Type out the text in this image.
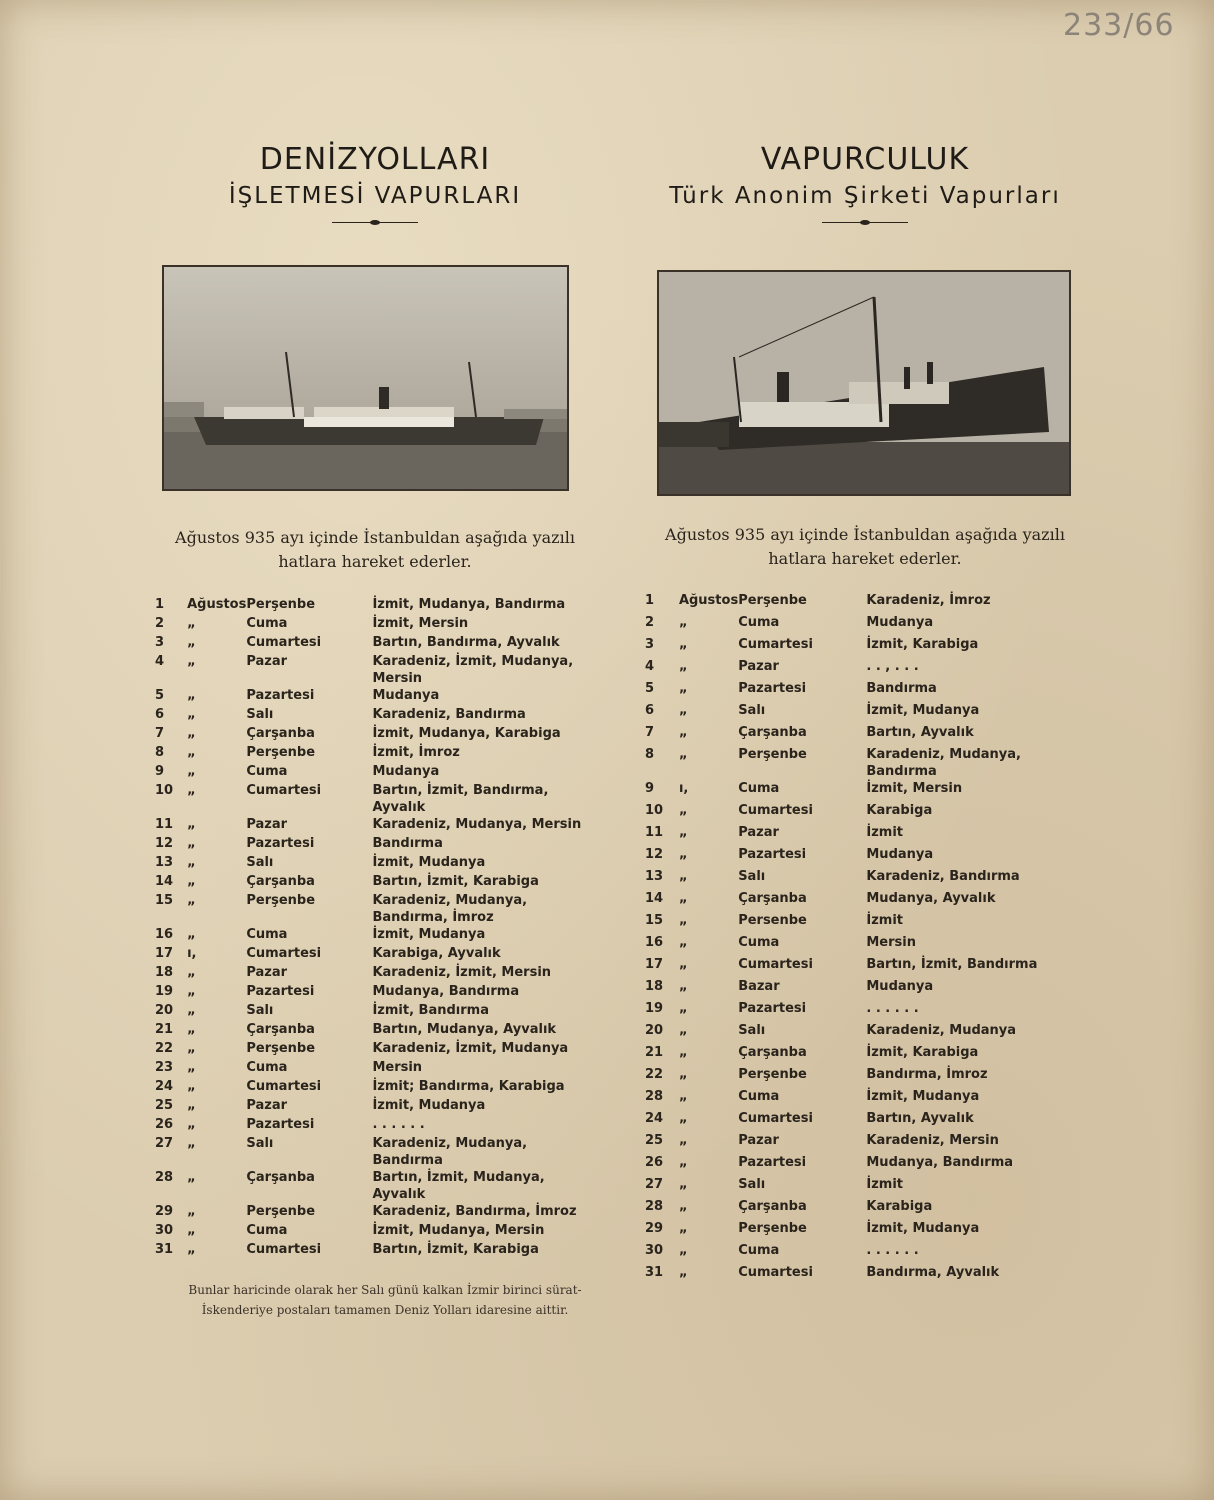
233/66
DENİZYOLLARI
İŞLETMESİ VAPURLARI
Ağustos 935 ayı içinde İstanbuldan aşağıda yazılı hatlara hareket ederler.
1	Ağustos	Perşenbe	İzmit, Mudanya, Bandırma
2	„	Cuma	İzmit, Mersin
3	„	Cumartesi	Bartın, Bandırma, Ayvalık
4	„	Pazar	Karadeniz, İzmit, Mudanya, Mersin
5	„	Pazartesi	Mudanya
6	„	Salı	Karadeniz, Bandırma
7	„	Çarşanba	İzmit, Mudanya, Karabiga
8	„	Perşenbe	İzmit, İmroz
9	„	Cuma	Mudanya
10	„	Cumartesi	Bartın, İzmit, Bandırma, Ayvalık
11	„	Pazar	Karadeniz, Mudanya, Mersin
12	„	Pazartesi	Bandırma
13	„	Salı	İzmit, Mudanya
14	„	Çarşanba	Bartın, İzmit, Karabiga
15	„	Perşenbe	Karadeniz, Mudanya, Bandırma, İmroz
16	„	Cuma	İzmit, Mudanya
17	ı,	Cumartesi	Karabiga, Ayvalık
18	„	Pazar	Karadeniz, İzmit, Mersin
19	„	Pazartesi	Mudanya, Bandırma
20	„	Salı	İzmit, Bandırma
21	„	Çarşanba	Bartın, Mudanya, Ayvalık
22	„	Perşenbe	Karadeniz, İzmit, Mudanya
23	„	Cuma	Mersin
24	„	Cumartesi	İzmit; Bandırma, Karabiga
25	„	Pazar	İzmit, Mudanya
26	„	Pazartesi	. . . . . .
27	„	Salı	Karadeniz, Mudanya, Bandırma
28	„	Çarşanba	Bartın, İzmit, Mudanya, Ayvalık
29	„	Perşenbe	Karadeniz, Bandırma, İmroz
30	„	Cuma	İzmit, Mudanya, Mersin
31	„	Cumartesi	Bartın, İzmit, Karabiga
Bunlar haricinde olarak her Salı günü kalkan İzmir birinci sürat-İskenderiye postaları tamamen Deniz Yolları idaresine aittir.
VAPURCULUK
Türk Anonim Şirketi Vapurları
Ağustos 935 ayı içinde İstanbuldan aşağıda yazılı hatlara hareket ederler.
1	Ağustos	Perşenbe	Karadeniz, İmroz
2	„	Cuma	Mudanya
3	„	Cumartesi	İzmit, Karabiga
4	„	Pazar	. . , . . .
5	„	Pazartesi	Bandırma
6	„	Salı	İzmit, Mudanya
7	„	Çarşanba	Bartın, Ayvalık
8	„	Perşenbe	Karadeniz, Mudanya, Bandırma
9	ı,	Cuma	İzmit, Mersin
10	„	Cumartesi	Karabiga
11	„	Pazar	İzmit
12	„	Pazartesi	Mudanya
13	„	Salı	Karadeniz, Bandırma
14	„	Çarşanba	Mudanya, Ayvalık
15	„	Persenbe	İzmit
16	„	Cuma	Mersin
17	„	Cumartesi	Bartın, İzmit, Bandırma
18	„	Bazar	Mudanya
19	„	Pazartesi	. . . . . .
20	„	Salı	Karadeniz, Mudanya
21	„	Çarşanba	İzmit, Karabiga
22	„	Perşenbe	Bandırma, İmroz
28	„	Cuma	İzmit, Mudanya
24	„	Cumartesi	Bartın, Ayvalık
25	„	Pazar	Karadeniz, Mersin
26	„	Pazartesi	Mudanya, Bandırma
27	„	Salı	İzmit
28	„	Çarşanba	Karabiga
29	„	Perşenbe	İzmit, Mudanya
30	„	Cuma	. . . . . .
31	„	Cumartesi	Bandırma, Ayvalık
